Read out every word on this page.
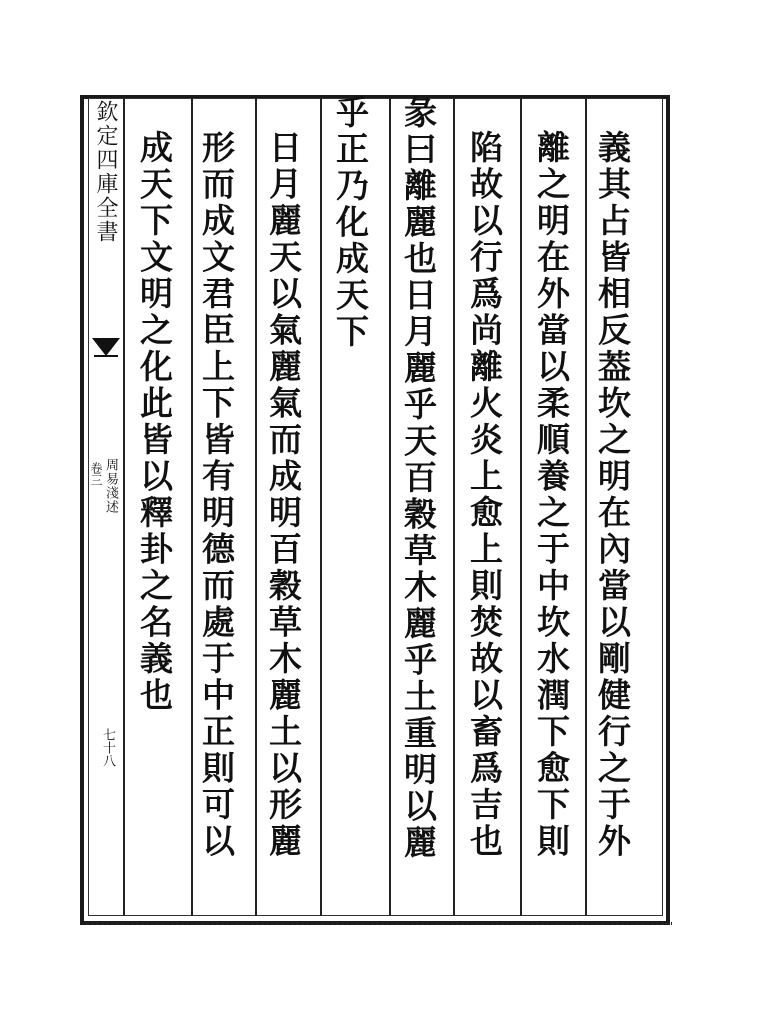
欽定四庫全書
周易淺述
卷三
七十八	義其占皆相反葢坎之明在內當以剛健行之于外
離之明在外當以柔順養之于中坎水潤下愈下則
陷故以行爲尚離火炎上愈上則焚故以畜爲吉也
彖曰離麗也日月麗乎天百穀草木麗乎土重明以麗
乎正乃化成天下
日月麗天以氣麗氣而成明百穀草木麗土以形麗
形而成文君臣上下皆有明德而處于中正則可以
成天下文明之化此皆以釋卦之名義也
